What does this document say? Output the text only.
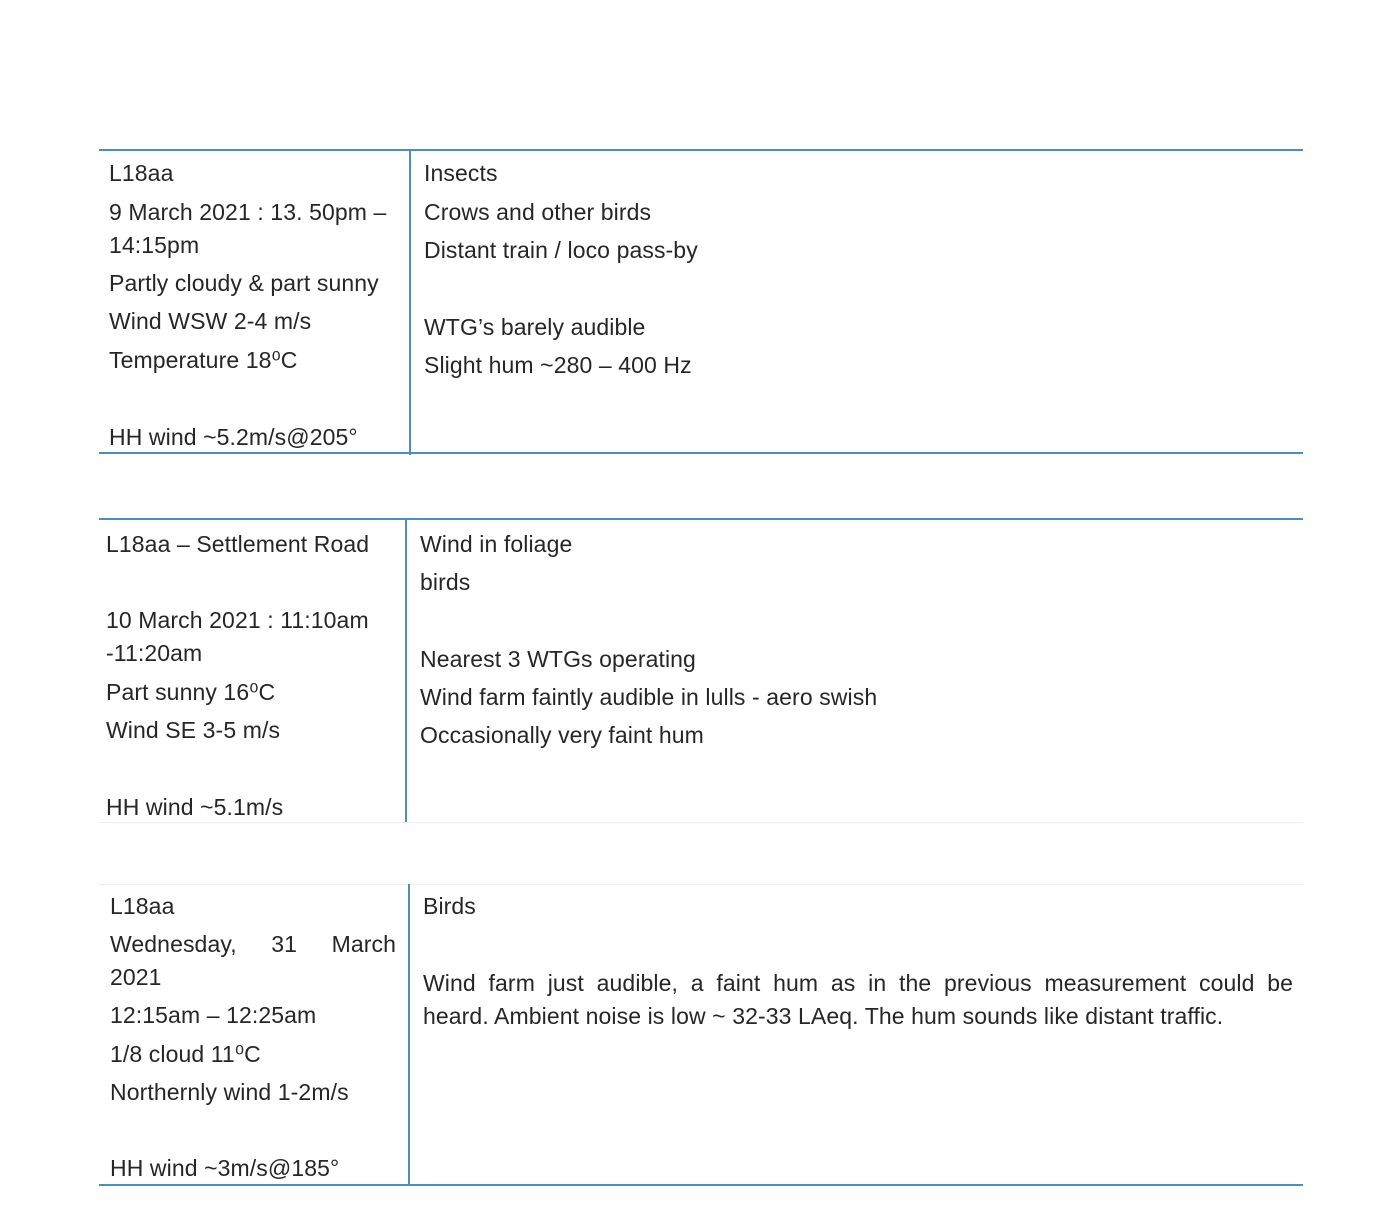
L18aa
9 March 2021 : 13. 50pm –
14:15pm
Partly cloudy & part sunny
Wind WSW 2-4 m/s
Temperature 18⁰C
HH wind ~5.2m/s@205°
Insects
Crows and other birds
Distant train / loco pass-by
WTG’s barely audible
Slight hum ~280 – 400 Hz
L18aa – Settlement Road
10 March 2021 : 11:10am
-11:20am
Part sunny 16⁰C
Wind SE 3-5 m/s
HH wind ~5.1m/s
Wind in foliage
birds
Nearest 3 WTGs operating
Wind farm faintly audible in lulls - aero swish
Occasionally very faint hum
L18aa
Wednesday, 31 March
2021
12:15am – 12:25am
1/8 cloud 11⁰C
Northernly wind 1-2m/s
HH wind ~3m/s@185°
Birds
Wind farm just audible, a faint hum as in the previous measurement could be
heard. Ambient noise is low ~ 32-33 LAeq. The hum sounds like distant traffic.
